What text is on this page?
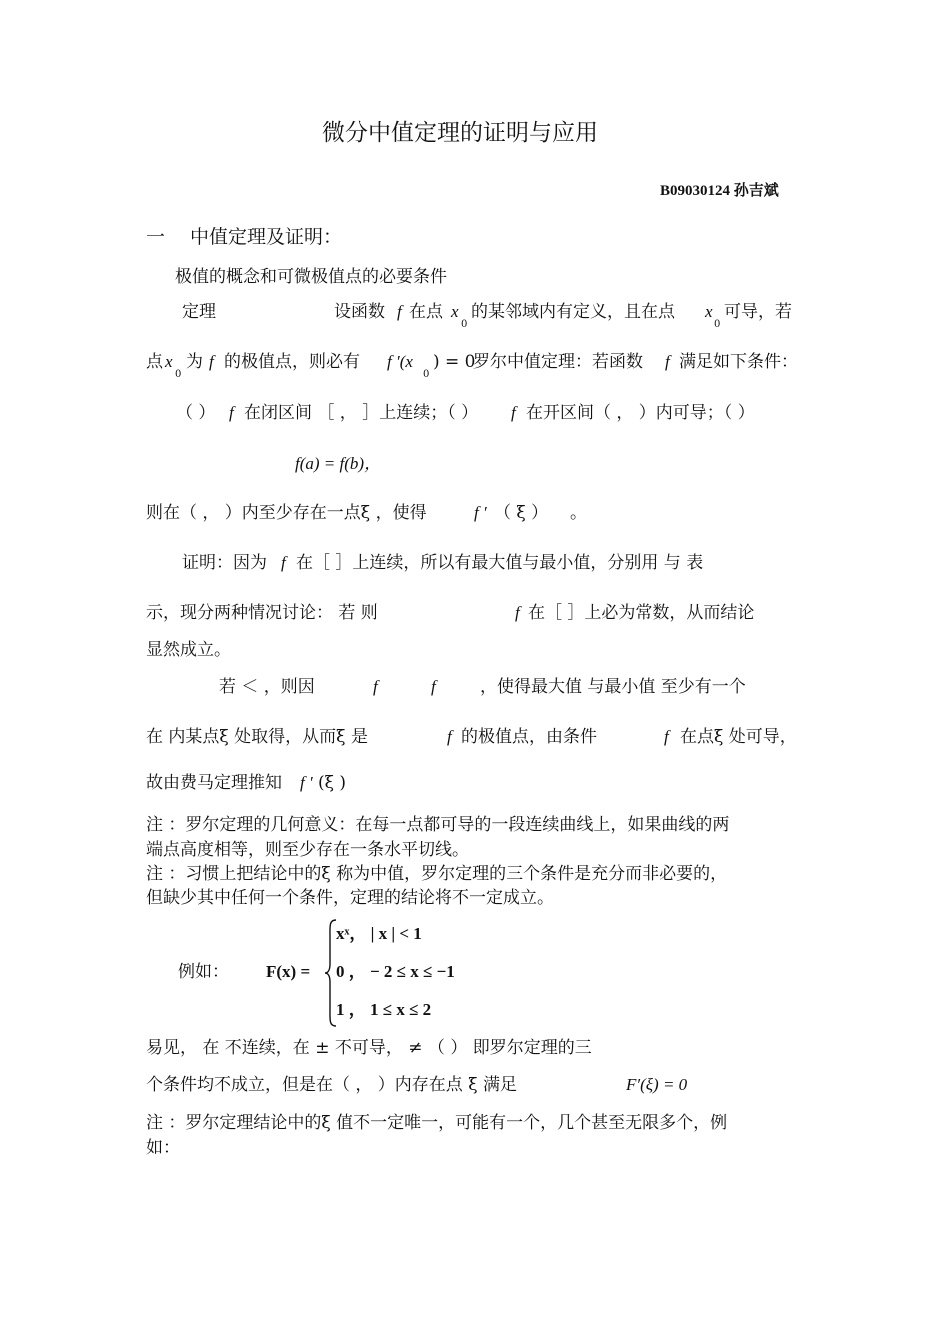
微分中值定理的证明与应用
B09030124 孙吉斌
一 中值定理及证明：
极值的概念和可微极值点的必要条件
定理	设函数 f 在点 x
0
的某邻域内有定义，且在点 x
0
可导，若
点 x
0
为 f 的极值点，则必有 f ′(x
0
) = 0
罗尔中值定理：若函数 f 满足如下条件：
（ ） f 在闭区间 ［ ， ］上连续；（ ） f 在开区间（ ， ）内可导；（ ）
f(a) = f(b)，
则在（ ， ）内至少存在一点ξ ，使得	f ′ （ ξ ） 。
证明：因为 f 在［ ］上连续，所以有最大值与最小值，分别用 与 表
示，现分两种情况讨论： 若 则	f 在［ ］上必为常数，从而结论
显然成立。
若 ＜ ，则因	f	f	，使得最大值 与最小值 至少有一个
在 内某点ξ 处取得，从而ξ 是	f 的极值点，由条件	f 在点ξ 处可导，
故由费马定理推知 f ′ (ξ )
注 ：罗尔定理的几何意义：在每一点都可导的一段连续曲线上，如果曲线的两
端点高度相等，则至少存在一条水平切线。
注 ：习惯上把结论中的ξ 称为中值，罗尔定理的三个条件是充分而非必要的，
但缺少其中任何一个条件，定理的结论将不一定成立。
例如： F(x) =
xˣ， | x | < 1
0 ， − 2 ≤ x ≤ −1
1 ， 1 ≤ x ≤ 2
易见， 在 不连续，在 ± 不可导， ≠ （ ） 即罗尔定理的三
个条件均不成立，但是在（ ， ）内存在点 ξ 满足	F′(ξ) = 0
注 ：罗尔定理结论中的ξ 值不一定唯一，可能有一个，几个甚至无限多个，例
如：
